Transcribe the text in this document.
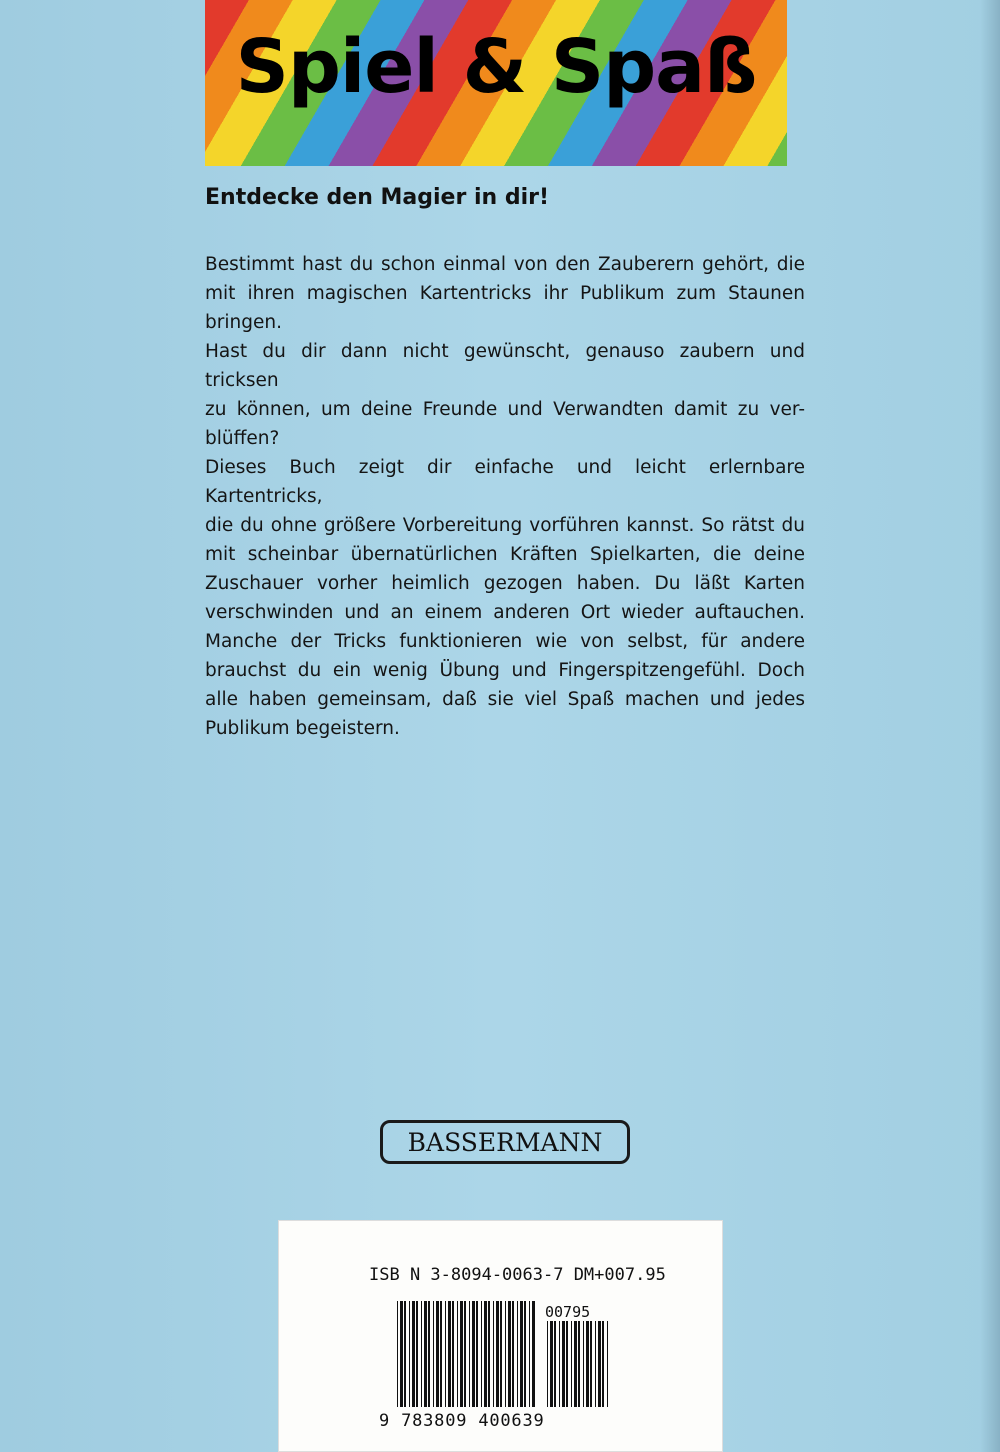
Spiel & Spaß
Entdecke den Magier in dir!
Bestimmt hast du schon einmal von den Zauberern gehört, die
mit ihren magischen Kartentricks ihr Publikum zum Staunen
bringen.
Hast du dir dann nicht gewünscht, genauso zaubern und tricksen
zu können, um deine Freunde und Verwandten damit zu ver-
blüffen?
Dieses Buch zeigt dir einfache und leicht erlernbare Kartentricks,
die du ohne größere Vorbereitung vorführen kannst. So rätst du
mit scheinbar übernatürlichen Kräften Spielkarten, die deine
Zuschauer vorher heimlich gezogen haben. Du läßt Karten
verschwinden und an einem anderen Ort wieder auftauchen.
Manche der Tricks funktionieren wie von selbst, für andere
brauchst du ein wenig Übung und Fingerspitzengefühl. Doch
alle haben gemeinsam, daß sie viel Spaß machen und jedes
Publikum begeistern.
BASSERMANN
ISB N 3-8094-0063-7 DM+007.95
00795
9 783809 400639
